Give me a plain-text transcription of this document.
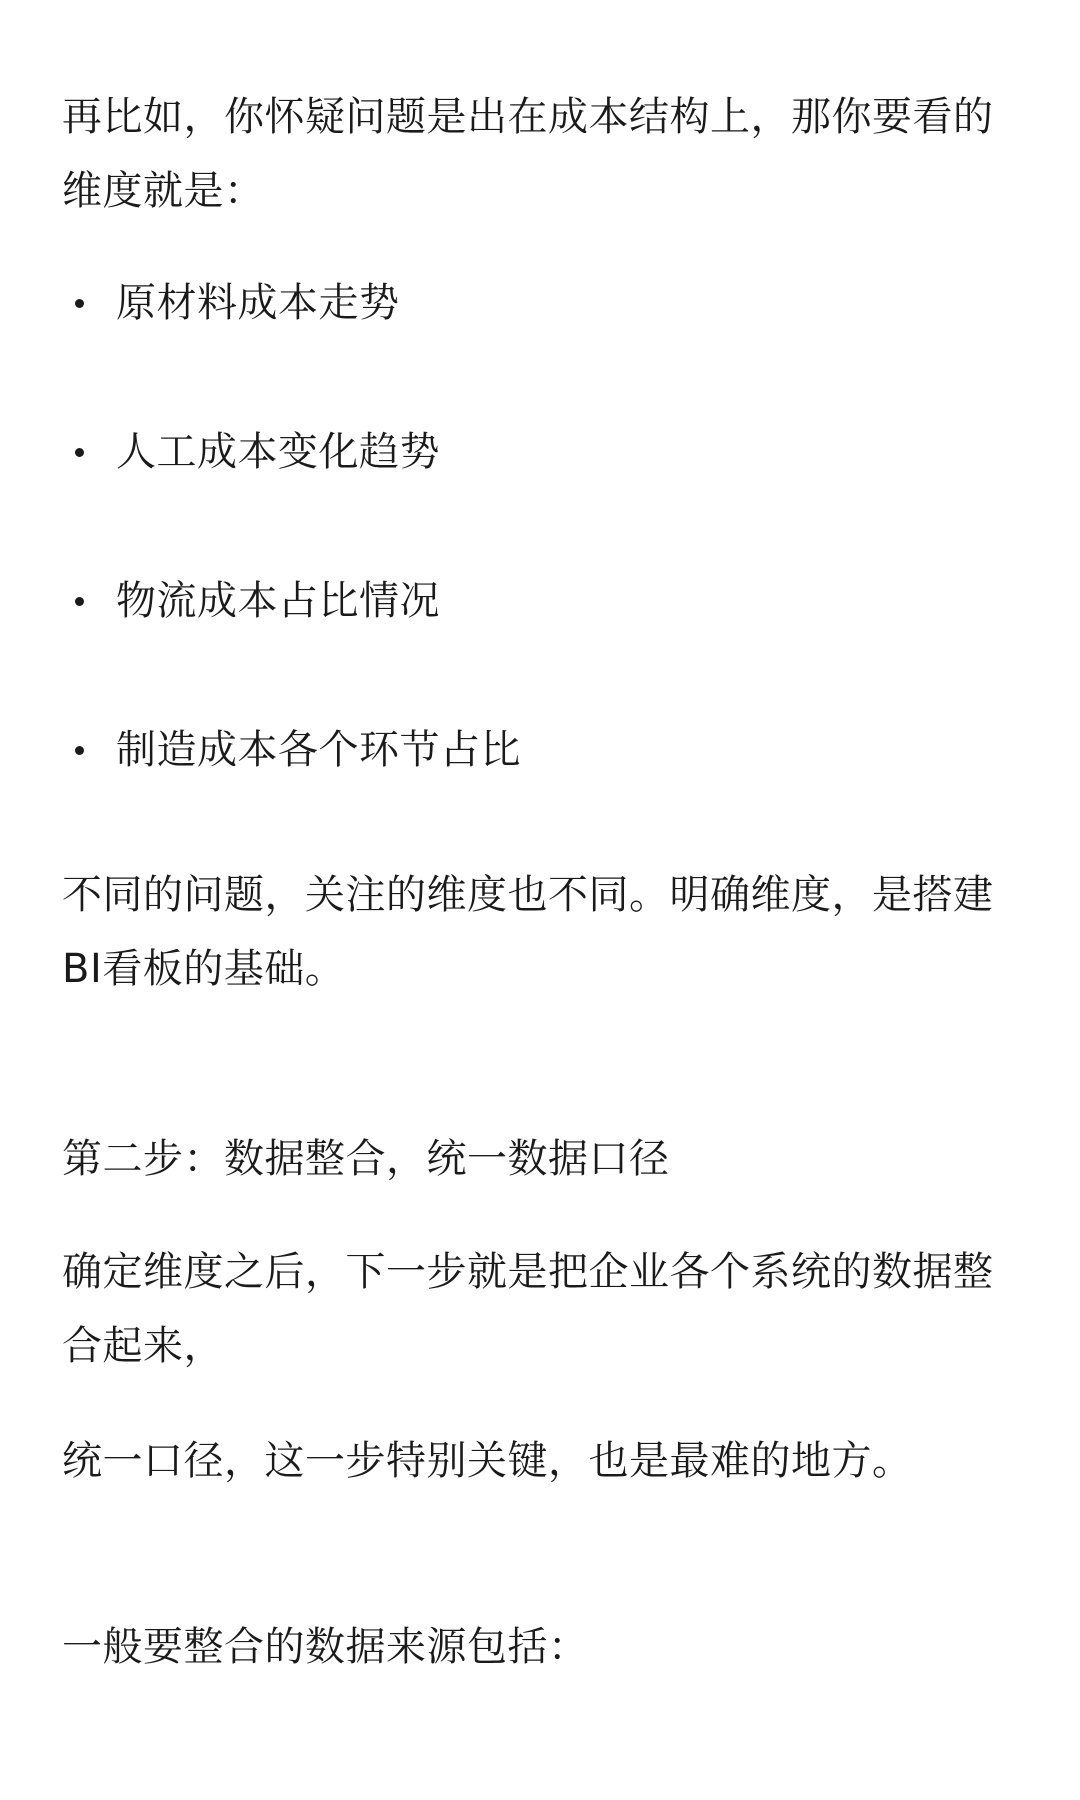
再比如，你怀疑问题是出在成本结构上，那你要看的维度就是：

原材料成本走势
人工成本变化趋势
物流成本占比情况
制造成本各个环节占比

不同的问题，关注的维度也不同。明确维度，是搭建BI看板的基础。

第二步：数据整合，统一数据口径

确定维度之后，下一步就是把企业各个系统的数据整合起来，

统一口径，这一步特别关键，也是最难的地方。

一般要整合的数据来源包括：
